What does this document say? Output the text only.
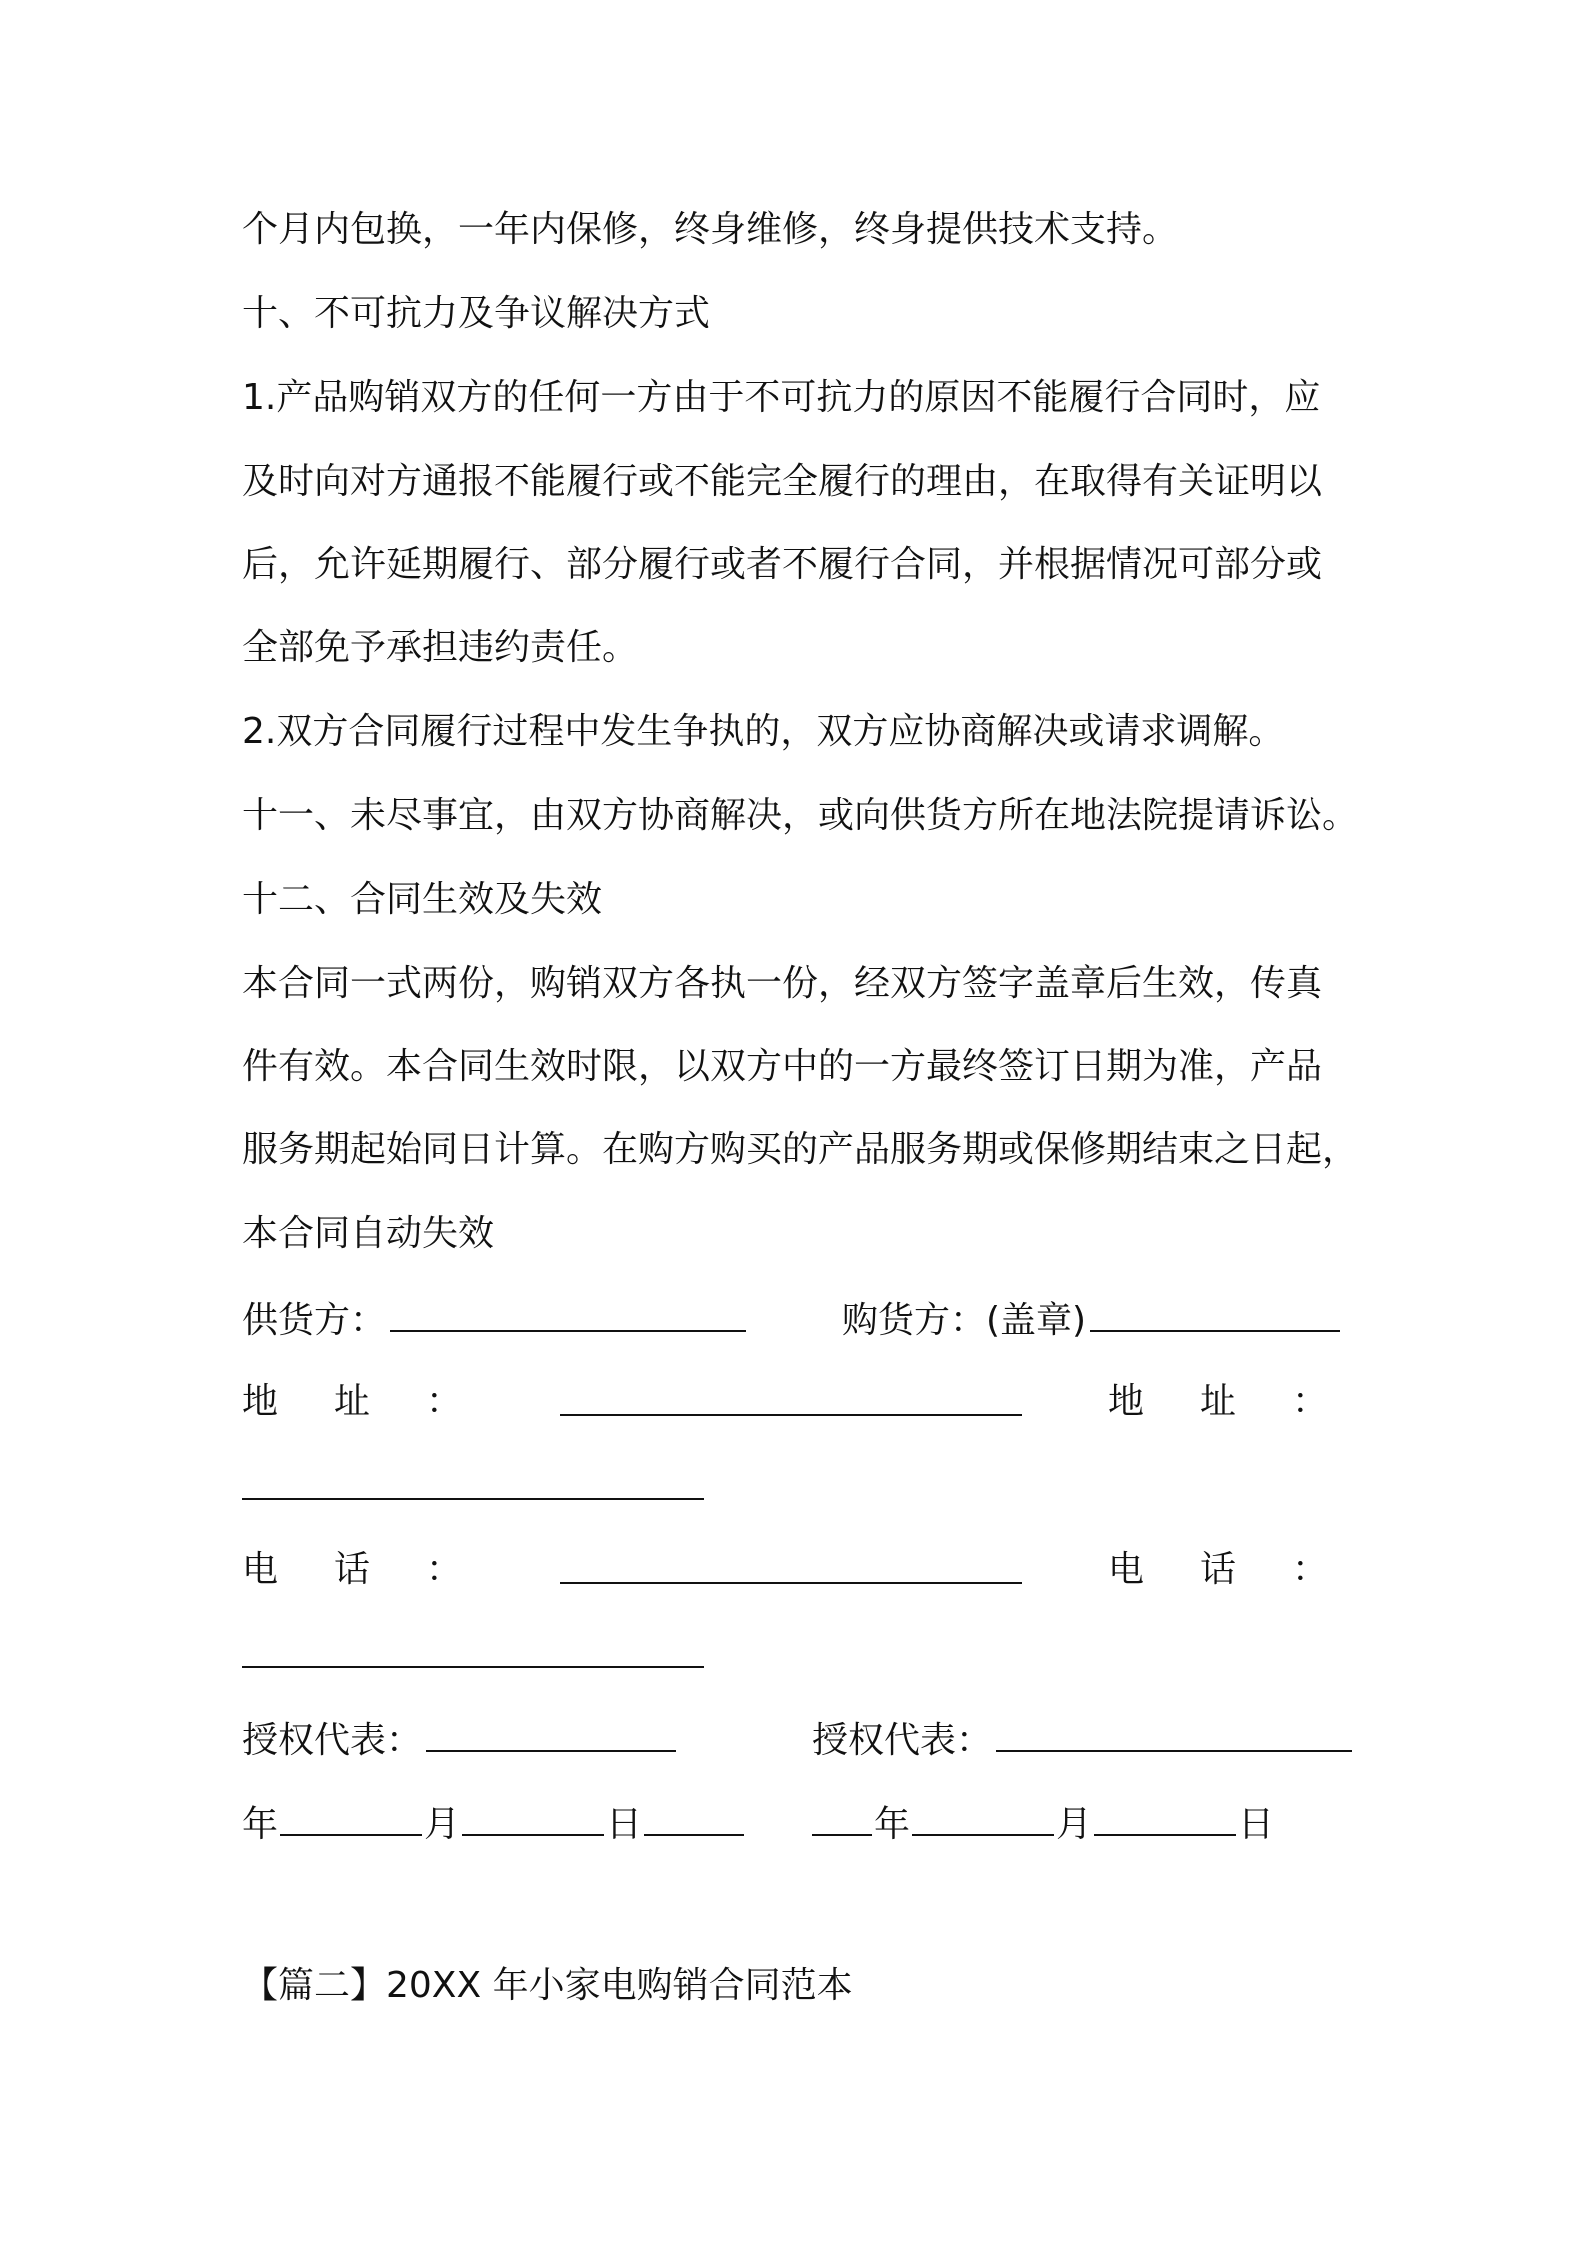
个月内包换，一年内保修，终身维修，终身提供技术支持。

十、不可抗力及争议解决方式

1.产品购销双方的任何一方由于不可抗力的原因不能履行合同时，应

及时向对方通报不能履行或不能完全履行的理由，在取得有关证明以

后，允许延期履行、部分履行或者不履行合同，并根据情况可部分或

全部免予承担违约责任。

2.双方合同履行过程中发生争执的，双方应协商解决或请求调解。

十一、未尽事宜，由双方协商解决，或向供货方所在地法院提请诉讼。

十二、合同生效及失效

本合同一式两份，购销双方各执一份，经双方签字盖章后生效，传真

件有效。本合同生效时限，以双方中的一方最终签订日期为准，产品

服务期起始同日计算。在购方购买的产品服务期或保修期结束之日起，

本合同自动失效

供货方：	购货方：(盖章)
地 址 ：	地 址 ：
电 话 ：	电 话 ：
授权代表：	授权代表：
年	月	日	年	月	日

【篇二】20XX 年小家电购销合同范本
